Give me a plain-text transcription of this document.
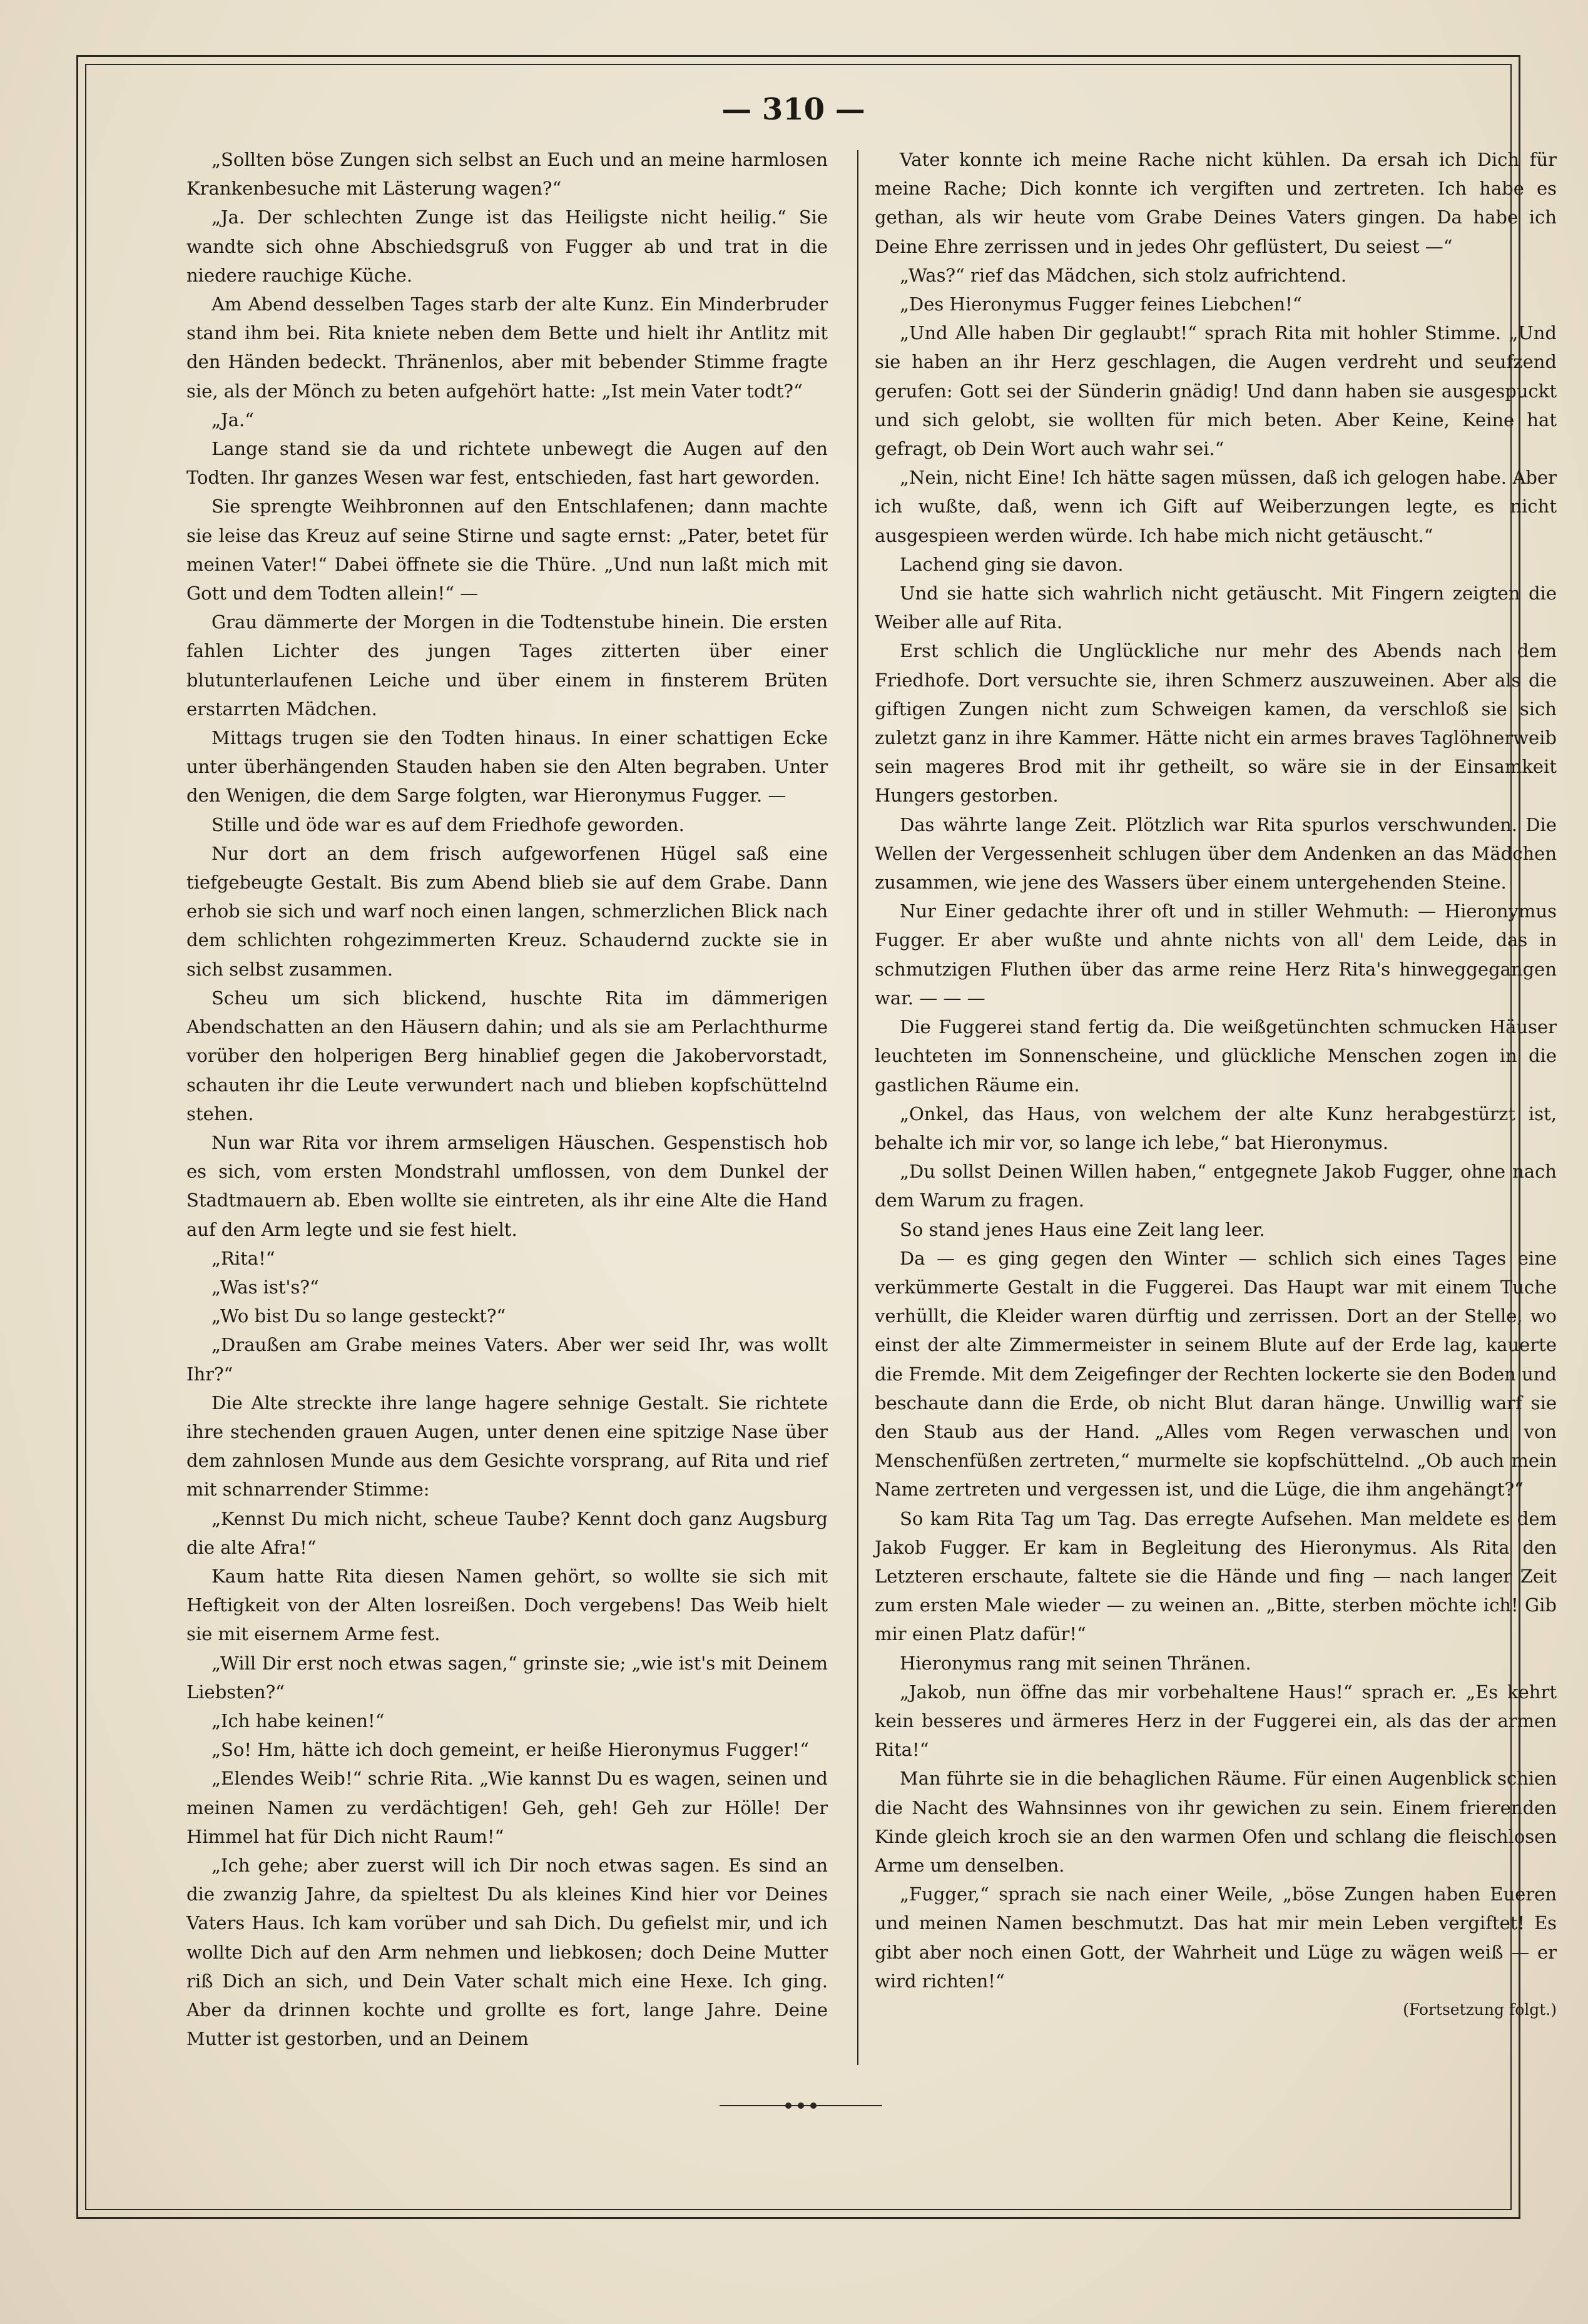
— 310 —

„Sollten böse Zungen sich selbst an Euch und an meine harmlosen Krankenbesuche mit Lästerung wagen?“

„Ja. Der schlechten Zunge ist das Heiligste nicht heilig.“ Sie wandte sich ohne Abschiedsgruß von Fugger ab und trat in die niedere rauchige Küche.

Am Abend desselben Tages starb der alte Kunz. Ein Minderbruder stand ihm bei. Rita kniete neben dem Bette und hielt ihr Antlitz mit den Händen bedeckt. Thränenlos, aber mit bebender Stimme fragte sie, als der Mönch zu beten aufgehört hatte: „Ist mein Vater todt?“

„Ja.“

Lange stand sie da und richtete unbewegt die Augen auf den Todten. Ihr ganzes Wesen war fest, entschieden, fast hart geworden.

Sie sprengte Weihbronnen auf den Entschlafenen; dann machte sie leise das Kreuz auf seine Stirne und sagte ernst: „Pater, betet für meinen Vater!“ Dabei öffnete sie die Thüre. „Und nun laßt mich mit Gott und dem Todten allein!“ —

Grau dämmerte der Morgen in die Todtenstube hinein. Die ersten fahlen Lichter des jungen Tages zitterten über einer blutunterlaufenen Leiche und über einem in finsterem Brüten erstarrten Mädchen.

Mittags trugen sie den Todten hinaus. In einer schattigen Ecke unter überhängenden Stauden haben sie den Alten begraben. Unter den Wenigen, die dem Sarge folgten, war Hieronymus Fugger. —

Stille und öde war es auf dem Friedhofe geworden.

Nur dort an dem frisch aufgeworfenen Hügel saß eine tiefgebeugte Gestalt. Bis zum Abend blieb sie auf dem Grabe. Dann erhob sie sich und warf noch einen langen, schmerzlichen Blick nach dem schlichten rohgezimmerten Kreuz. Schaudernd zuckte sie in sich selbst zusammen.

Scheu um sich blickend, huschte Rita im dämmerigen Abendschatten an den Häusern dahin; und als sie am Perlachthurme vorüber den holperigen Berg hinablief gegen die Jakobervorstadt, schauten ihr die Leute verwundert nach und blieben kopfschüttelnd stehen.

Nun war Rita vor ihrem armseligen Häuschen. Gespenstisch hob es sich, vom ersten Mondstrahl umflossen, von dem Dunkel der Stadtmauern ab. Eben wollte sie eintreten, als ihr eine Alte die Hand auf den Arm legte und sie fest hielt.

„Rita!“

„Was ist's?“

„Wo bist Du so lange gesteckt?“

„Draußen am Grabe meines Vaters. Aber wer seid Ihr, was wollt Ihr?“

Die Alte streckte ihre lange hagere sehnige Gestalt. Sie richtete ihre stechenden grauen Augen, unter denen eine spitzige Nase über dem zahnlosen Munde aus dem Gesichte vorsprang, auf Rita und rief mit schnarrender Stimme:

„Kennst Du mich nicht, scheue Taube? Kennt doch ganz Augsburg die alte Afra!“

Kaum hatte Rita diesen Namen gehört, so wollte sie sich mit Heftigkeit von der Alten losreißen. Doch vergebens! Das Weib hielt sie mit eisernem Arme fest.

„Will Dir erst noch etwas sagen,“ grinste sie; „wie ist's mit Deinem Liebsten?“

„Ich habe keinen!“

„So! Hm, hätte ich doch gemeint, er heiße Hieronymus Fugger!“

„Elendes Weib!“ schrie Rita. „Wie kannst Du es wagen, seinen und meinen Namen zu verdächtigen! Geh, geh! Geh zur Hölle! Der Himmel hat für Dich nicht Raum!“

„Ich gehe; aber zuerst will ich Dir noch etwas sagen. Es sind an die zwanzig Jahre, da spieltest Du als kleines Kind hier vor Deines Vaters Haus. Ich kam vorüber und sah Dich. Du gefielst mir, und ich wollte Dich auf den Arm nehmen und liebkosen; doch Deine Mutter riß Dich an sich, und Dein Vater schalt mich eine Hexe. Ich ging. Aber da drinnen kochte und grollte es fort, lange Jahre. Deine Mutter ist gestorben, und an Deinem

Vater konnte ich meine Rache nicht kühlen. Da ersah ich Dich für meine Rache; Dich konnte ich vergiften und zertreten. Ich habe es gethan, als wir heute vom Grabe Deines Vaters gingen. Da habe ich Deine Ehre zerrissen und in jedes Ohr geflüstert, Du seiest —“

„Was?“ rief das Mädchen, sich stolz aufrichtend.

„Des Hieronymus Fugger feines Liebchen!“

„Und Alle haben Dir geglaubt!“ sprach Rita mit hohler Stimme. „Und sie haben an ihr Herz geschlagen, die Augen verdreht und seufzend gerufen: Gott sei der Sünderin gnädig! Und dann haben sie ausgespuckt und sich gelobt, sie wollten für mich beten. Aber Keine, Keine hat gefragt, ob Dein Wort auch wahr sei.“

„Nein, nicht Eine! Ich hätte sagen müssen, daß ich gelogen habe. Aber ich wußte, daß, wenn ich Gift auf Weiberzungen legte, es nicht ausgespieen werden würde. Ich habe mich nicht getäuscht.“

Lachend ging sie davon.

Und sie hatte sich wahrlich nicht getäuscht. Mit Fingern zeigten die Weiber alle auf Rita.

Erst schlich die Unglückliche nur mehr des Abends nach dem Friedhofe. Dort versuchte sie, ihren Schmerz auszuweinen. Aber als die giftigen Zungen nicht zum Schweigen kamen, da verschloß sie sich zuletzt ganz in ihre Kammer. Hätte nicht ein armes braves Taglöhnerweib sein mageres Brod mit ihr getheilt, so wäre sie in der Einsamkeit Hungers gestorben.

Das währte lange Zeit. Plötzlich war Rita spurlos verschwunden. Die Wellen der Vergessenheit schlugen über dem Andenken an das Mädchen zusammen, wie jene des Wassers über einem untergehenden Steine.

Nur Einer gedachte ihrer oft und in stiller Wehmuth: — Hieronymus Fugger. Er aber wußte und ahnte nichts von all' dem Leide, das in schmutzigen Fluthen über das arme reine Herz Rita's hinweggegangen war. — — —

Die Fuggerei stand fertig da. Die weißgetünchten schmucken Häuser leuchteten im Sonnenscheine, und glückliche Menschen zogen in die gastlichen Räume ein.

„Onkel, das Haus, von welchem der alte Kunz herabgestürzt ist, behalte ich mir vor, so lange ich lebe,“ bat Hieronymus.

„Du sollst Deinen Willen haben,“ entgegnete Jakob Fugger, ohne nach dem Warum zu fragen.

So stand jenes Haus eine Zeit lang leer.

Da — es ging gegen den Winter — schlich sich eines Tages eine verkümmerte Gestalt in die Fuggerei. Das Haupt war mit einem Tuche verhüllt, die Kleider waren dürftig und zerrissen. Dort an der Stelle, wo einst der alte Zimmermeister in seinem Blute auf der Erde lag, kauerte die Fremde. Mit dem Zeigefinger der Rechten lockerte sie den Boden und beschaute dann die Erde, ob nicht Blut daran hänge. Unwillig warf sie den Staub aus der Hand. „Alles vom Regen verwaschen und von Menschenfüßen zertreten,“ murmelte sie kopfschüttelnd. „Ob auch mein Name zertreten und vergessen ist, und die Lüge, die ihm angehängt?“

So kam Rita Tag um Tag. Das erregte Aufsehen. Man meldete es dem Jakob Fugger. Er kam in Begleitung des Hieronymus. Als Rita den Letzteren erschaute, faltete sie die Hände und fing — nach langer Zeit zum ersten Male wieder — zu weinen an. „Bitte, sterben möchte ich! Gib mir einen Platz dafür!“

Hieronymus rang mit seinen Thränen.

„Jakob, nun öffne das mir vorbehaltene Haus!“ sprach er. „Es kehrt kein besseres und ärmeres Herz in der Fuggerei ein, als das der armen Rita!“

Man führte sie in die behaglichen Räume. Für einen Augenblick schien die Nacht des Wahnsinnes von ihr gewichen zu sein. Einem frierenden Kinde gleich kroch sie an den warmen Ofen und schlang die fleischlosen Arme um denselben.

„Fugger,“ sprach sie nach einer Weile, „böse Zungen haben Eueren und meinen Namen beschmutzt. Das hat mir mein Leben vergiftet! Es gibt aber noch einen Gott, der Wahrheit und Lüge zu wägen weiß — er wird richten!“

(Fortsetzung folgt.)
